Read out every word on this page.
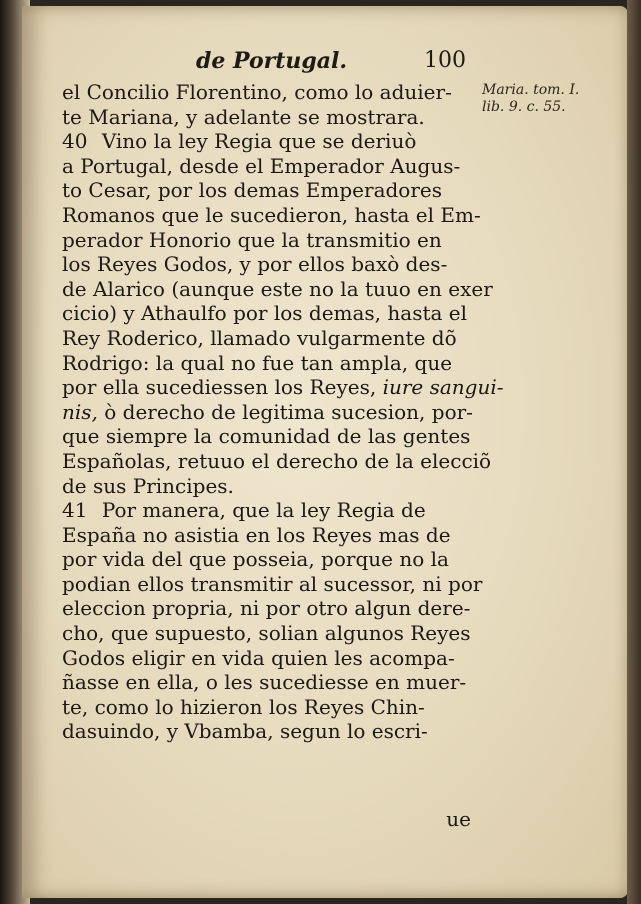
de Portugal.	100
Maria. tom. I.
lib. 9. c. 55.
el Concilio Florentino, como lo aduier-
te Mariana, y adelante se mostrara.
40 Vino la ley Regia que se deriuò
a Portugal, desde el Emperador Augus-
to Cesar, por los demas Emperadores
Romanos que le sucedieron, hasta el Em-
perador Honorio que la transmitio en
los Reyes Godos, y por ellos baxò des-
de Alarico (aunque este no la tuuo en exer
cicio) y Athaulfo por los demas, hasta el
Rey Roderico, llamado vulgarmente dõ
Rodrigo: la qual no fue tan ampla, que
por ella sucediessen los Reyes, iure sangui-
nis, ò derecho de legitima sucesion, por-
que siempre la comunidad de las gentes
Españolas, retuuo el derecho de la elecciõ
de sus Principes.
41 Por manera, que la ley Regia de
España no asistia en los Reyes mas de
por vida del que posseia, porque no la
podian ellos transmitir al sucessor, ni por
eleccion propria, ni por otro algun dere-
cho, que supuesto, solian algunos Reyes
Godos eligir en vida quien les acompa-
ñasse en ella, o les sucediesse en muer-
te, como lo hizieron los Reyes Chin-
dasuindo, y Vbamba, segun lo escri-
ue
